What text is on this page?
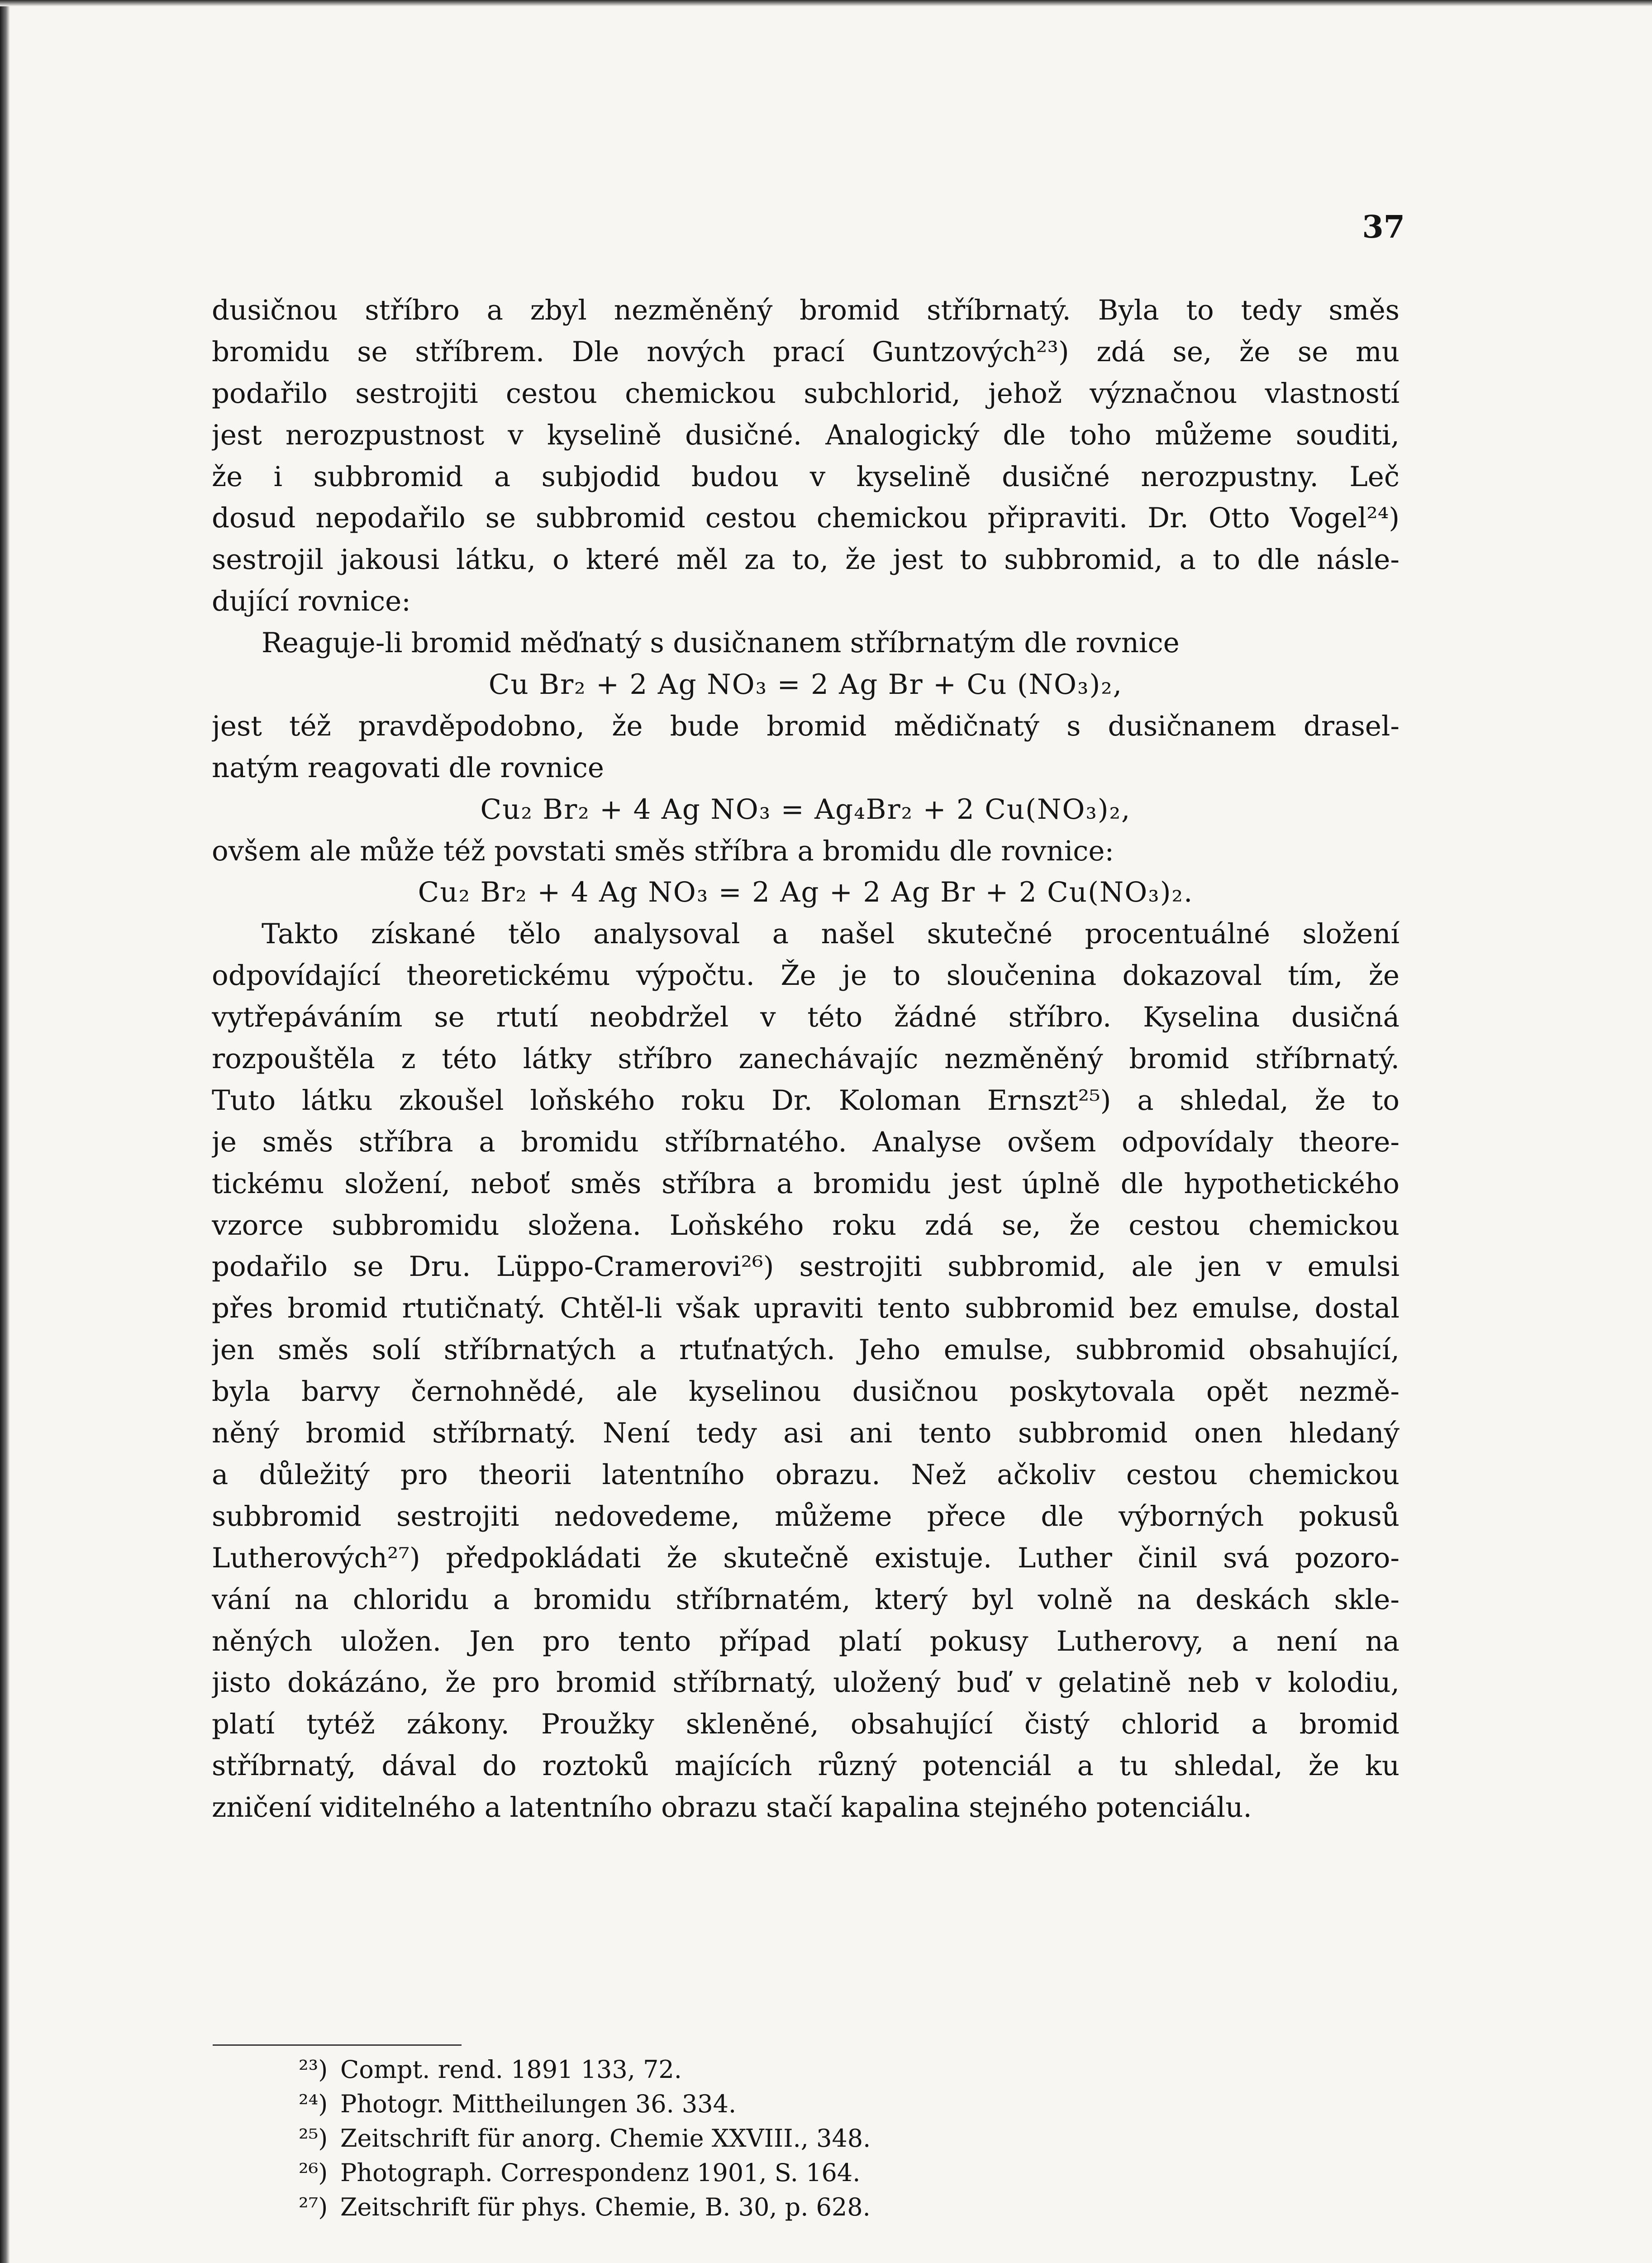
37
dusičnou stříbro a zbyl nezměněný bromid stříbrnatý. Byla to tedy směs
bromidu se stříbrem. Dle nových prací Guntzových²³) zdá se, že se mu
podařilo sestrojiti cestou chemickou subchlorid, jehož význačnou vlastností
jest nerozpustnost v kyselině dusičné. Analogický dle toho můžeme souditi,
že i subbromid a subjodid budou v kyselině dusičné nerozpustny. Leč
dosud nepodařilo se subbromid cestou chemickou připraviti. Dr. Otto Vogel²⁴)
sestrojil jakousi látku, o které měl za to, že jest to subbromid, a to dle násle-
dující rovnice:
Reaguje-li bromid měďnatý s dusičnanem stříbrnatým dle rovnice
Cu Br₂ + 2 Ag NO₃ = 2 Ag Br + Cu (NO₃)₂,
jest též pravděpodobno, že bude bromid mědičnatý s dusičnanem drasel-
natým reagovati dle rovnice
Cu₂ Br₂ + 4 Ag NO₃ = Ag₄Br₂ + 2 Cu(NO₃)₂,
ovšem ale může též povstati směs stříbra a bromidu dle rovnice:
Cu₂ Br₂ + 4 Ag NO₃ = 2 Ag + 2 Ag Br + 2 Cu(NO₃)₂.
Takto získané tělo analysoval a našel skutečné procentuálné složení
odpovídající theoretickému výpočtu. Že je to sloučenina dokazoval tím, že
vytřepáváním se rtutí neobdržel v této žádné stříbro. Kyselina dusičná
rozpouštěla z této látky stříbro zanechávajíc nezměněný bromid stříbrnatý.
Tuto látku zkoušel loňského roku Dr. Koloman Ernszt²⁵) a shledal, že to
je směs stříbra a bromidu stříbrnatého. Analyse ovšem odpovídaly theore-
tickému složení, neboť směs stříbra a bromidu jest úplně dle hypothetického
vzorce subbromidu složena. Loňského roku zdá se, že cestou chemickou
podařilo se Dru. Lüppo-Cramerovi²⁶) sestrojiti subbromid, ale jen v emulsi
přes bromid rtutičnatý. Chtěl-li však upraviti tento subbromid bez emulse, dostal
jen směs solí stříbrnatých a rtuťnatých. Jeho emulse, subbromid obsahující,
byla barvy černohnědé, ale kyselinou dusičnou poskytovala opět nezmě-
něný bromid stříbrnatý. Není tedy asi ani tento subbromid onen hledaný
a důležitý pro theorii latentního obrazu. Než ačkoliv cestou chemickou
subbromid sestrojiti nedovedeme, můžeme přece dle výborných pokusů
Lutherových²⁷) předpokládati že skutečně existuje. Luther činil svá pozoro-
vání na chloridu a bromidu stříbrnatém, který byl volně na deskách skle-
něných uložen. Jen pro tento případ platí pokusy Lutherovy, a není na
jisto dokázáno, že pro bromid stříbrnatý, uložený buď v gelatině neb v kolodiu,
platí tytéž zákony. Proužky skleněné, obsahující čistý chlorid a bromid
stříbrnatý, dával do roztoků majících různý potenciál a tu shledal, že ku
zničení viditelného a latentního obrazu stačí kapalina stejného potenciálu.
²³) Compt. rend. 1891 133, 72.
²⁴) Photogr. Mittheilungen 36. 334.
²⁵) Zeitschrift für anorg. Chemie XXVIII., 348.
²⁶) Photograph. Correspondenz 1901, S. 164.
²⁷) Zeitschrift für phys. Chemie, B. 30, p. 628.
